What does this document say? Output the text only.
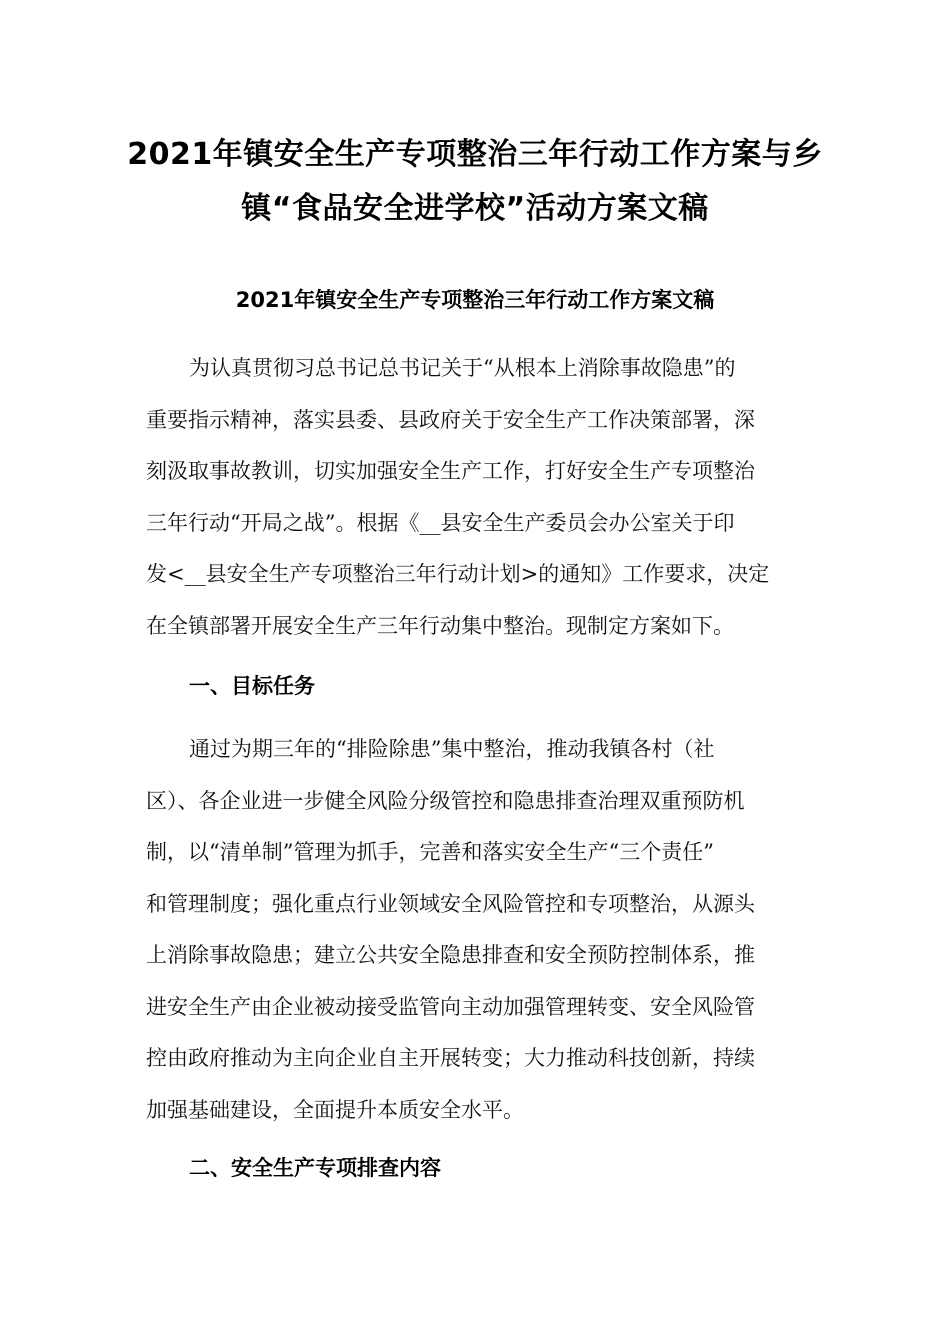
2021年镇安全生产专项整治三年行动工作方案与乡
镇“食品安全进学校”活动方案文稿
2021年镇安全生产专项整治三年行动工作方案文稿
为认真贯彻习总书记总书记关于“从根本上消除事故隐患”的
重要指示精神，落实县委、县政府关于安全生产工作决策部署，深
刻汲取事故教训，切实加强安全生产工作，打好安全生产专项整治
三年行动“开局之战”。根据《__县安全生产委员会办公室关于印
发<__县安全生产专项整治三年行动计划>的通知》工作要求，决定
在全镇部署开展安全生产三年行动集中整治。现制定方案如下。
一、目标任务
通过为期三年的“排险除患”集中整治，推动我镇各村（社
区）、各企业进一步健全风险分级管控和隐患排查治理双重预防机
制，以“清单制”管理为抓手，完善和落实安全生产“三个责任”
和管理制度；强化重点行业领域安全风险管控和专项整治，从源头
上消除事故隐患；建立公共安全隐患排查和安全预防控制体系，推
进安全生产由企业被动接受监管向主动加强管理转变、安全风险管
控由政府推动为主向企业自主开展转变；大力推动科技创新，持续
加强基础建设，全面提升本质安全水平。
二、安全生产专项排查内容
